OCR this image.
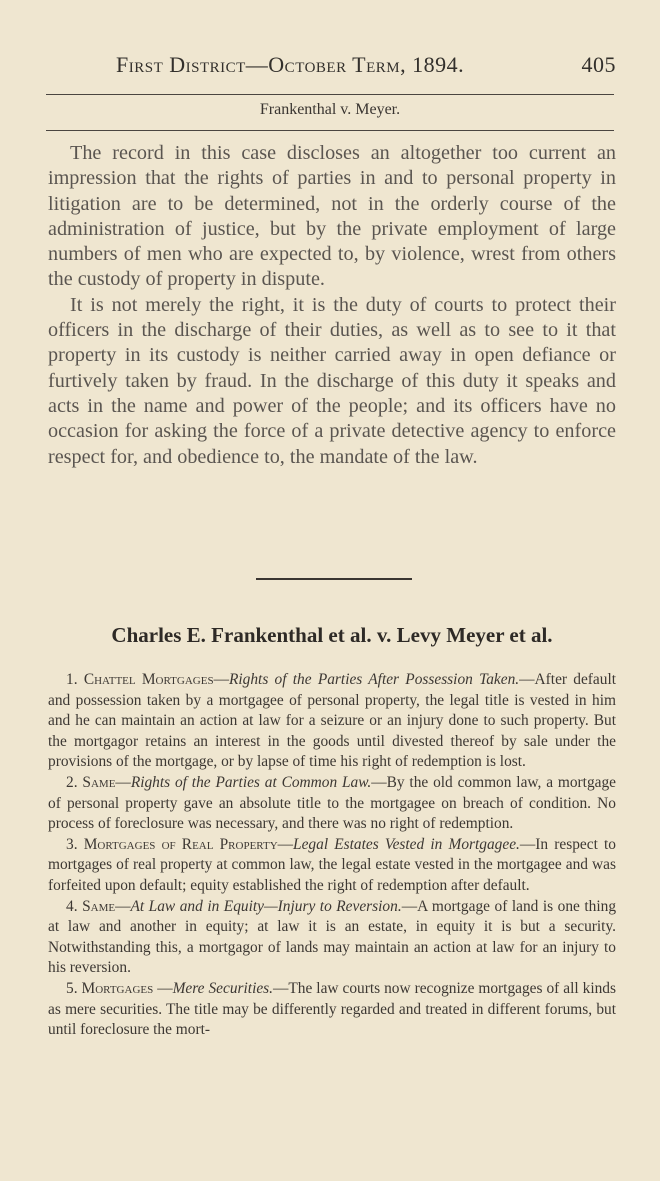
First District—October Term, 1894.	405
Frankenthal v. Meyer.

The record in this case discloses an altogether too current an impression that the rights of parties in and to personal property in litigation are to be determined, not in the orderly course of the administration of justice, but by the private employment of large numbers of men who are expected to, by violence, wrest from others the custody of property in dispute.

It is not merely the right, it is the duty of courts to protect their officers in the discharge of their duties, as well as to see to it that property in its custody is neither carried away in open defiance or furtively taken by fraud. In the discharge of this duty it speaks and acts in the name and power of the people; and its officers have no occasion for asking the force of a private detective agency to enforce respect for, and obedience to, the mandate of the law.

Charles E. Frankenthal et al. v. Levy Meyer et al.

1. Chattel Mortgages—Rights of the Parties After Possession Taken.—After default and possession taken by a mortgagee of personal property, the legal title is vested in him and he can maintain an action at law for a seizure or an injury done to such property. But the mortgagor retains an interest in the goods until divested thereof by sale under the provisions of the mortgage, or by lapse of time his right of redemption is lost.

2. Same—Rights of the Parties at Common Law.—By the old common law, a mortgage of personal property gave an absolute title to the mortgagee on breach of condition. No process of foreclosure was necessary, and there was no right of redemption.

3. Mortgages of Real Property—Legal Estates Vested in Mortgagee.—In respect to mortgages of real property at common law, the legal estate vested in the mortgagee and was forfeited upon default; equity established the right of redemption after default.

4. Same—At Law and in Equity—Injury to Reversion.—A mortgage of land is one thing at law and another in equity; at law it is an estate, in equity it is but a security. Notwithstanding this, a mortgagor of lands may maintain an action at law for an injury to his reversion.

5. Mortgages —Mere Securities.—The law courts now recognize mortgages of all kinds as mere securities. The title may be differently regarded and treated in different forums, but until foreclosure the mort-
